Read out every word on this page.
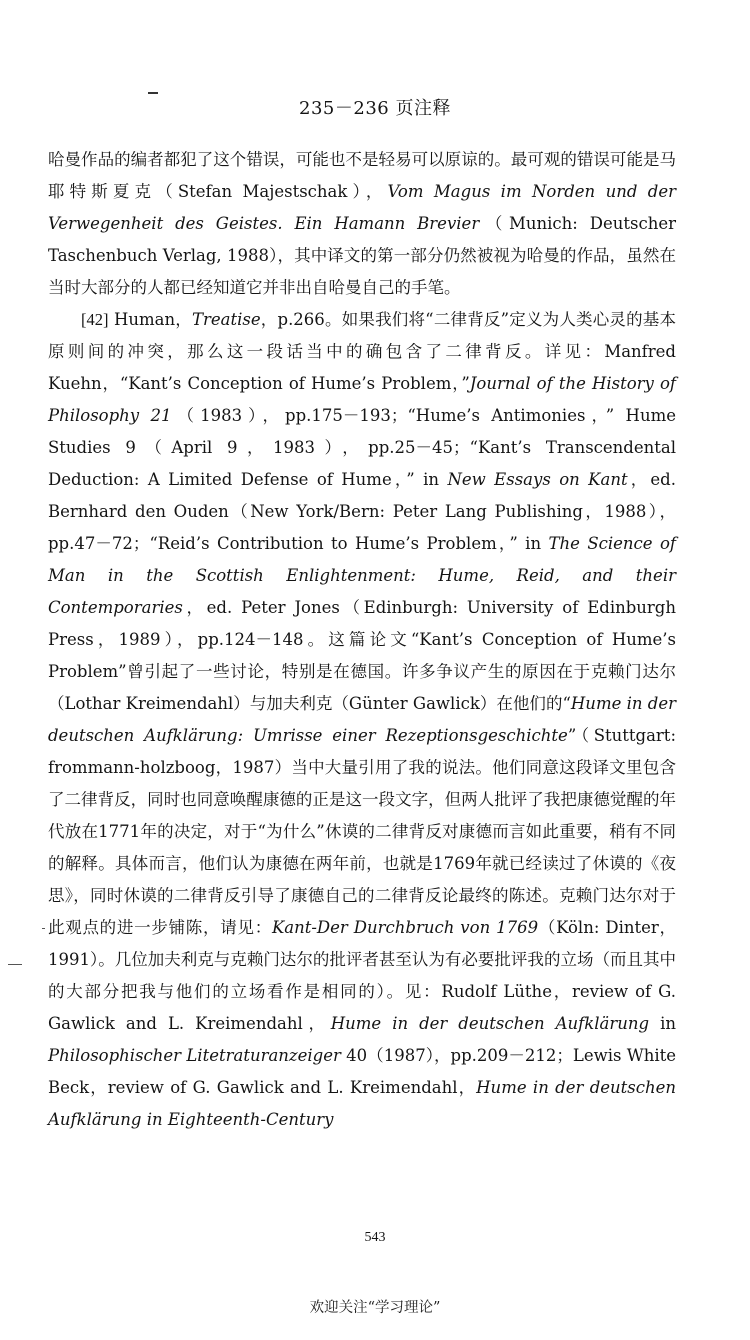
235－236 页注释

哈曼作品的编者都犯了这个错误，可能也不是轻易可以原谅的。最可观的错误可能是马耶特斯夏克（Stefan Majestschak），Vom Magus im Norden und der Verwegenheit des Geistes. Ein Hamann Brevier（Munich: Deutscher Taschenbuch Verlag, 1988），其中译文的第一部分仍然被视为哈曼的作品，虽然在当时大部分的人都已经知道它并非出自哈曼自己的手笔。

[42] Human，Treatise，p.266。如果我们将“二律背反”定义为人类心灵的基本原则间的冲突，那么这一段话当中的确包含了二律背反。详见：Manfred Kuehn，“Kant’s Conception of Hume’s Problem，”Journal of the History of Philosophy 21（1983），pp.175－193；“Hume’s Antimonies，” Hume Studies 9（April 9，1983），pp.25－45；“Kant’s Transcendental Deduction: A Limited Defense of Hume，” in New Essays on Kant，ed. Bernhard den Ouden（New York/Bern: Peter Lang Publishing，1988），pp.47－72；“Reid’s Contribution to Hume’s Problem，” in The Science of Man in the Scottish Enlightenment: Hume, Reid, and their Contemporaries，ed. Peter Jones（Edinburgh: University of Edinburgh Press，1989），pp.124－148。这篇论文“Kant’s Conception of Hume’s Problem”曾引起了一些讨论，特别是在德国。许多争议产生的原因在于克赖门达尔（Lothar Kreimendahl）与加夫利克（Günter Gawlick）在他们的“Hume in der deutschen Aufklärung: Umrisse einer Rezeptionsgeschichte”（Stuttgart: frommann-holzboog，1987）当中大量引用了我的说法。他们同意这段译文里包含了二律背反，同时也同意唤醒康德的正是这一段文字，但两人批评了我把康德觉醒的年代放在1771年的决定，对于“为什么”休谟的二律背反对康德而言如此重要，稍有不同的解释。具体而言，他们认为康德在两年前，也就是1769年就已经读过了休谟的《夜思》，同时休谟的二律背反引导了康德自己的二律背反论最终的陈述。克赖门达尔对于此观点的进一步铺陈，请见：Kant-Der Durchbruch von 1769（Köln: Dinter，1991）。几位加夫利克与克赖门达尔的批评者甚至认为有必要批评我的立场（而且其中的大部分把我与他们的立场看作是相同的）。见：Rudolf Lüthe，review of G. Gawlick and L. Kreimendahl，Hume in der deutschen Aufklärung in Philosophischer Litetraturanzeiger 40（1987），pp.209－212；Lewis White Beck，review of G. Gawlick and L. Kreimendahl，Hume in der deutschen Aufklärung in Eighteenth-Century

543
欢迎关注“学习理论”
